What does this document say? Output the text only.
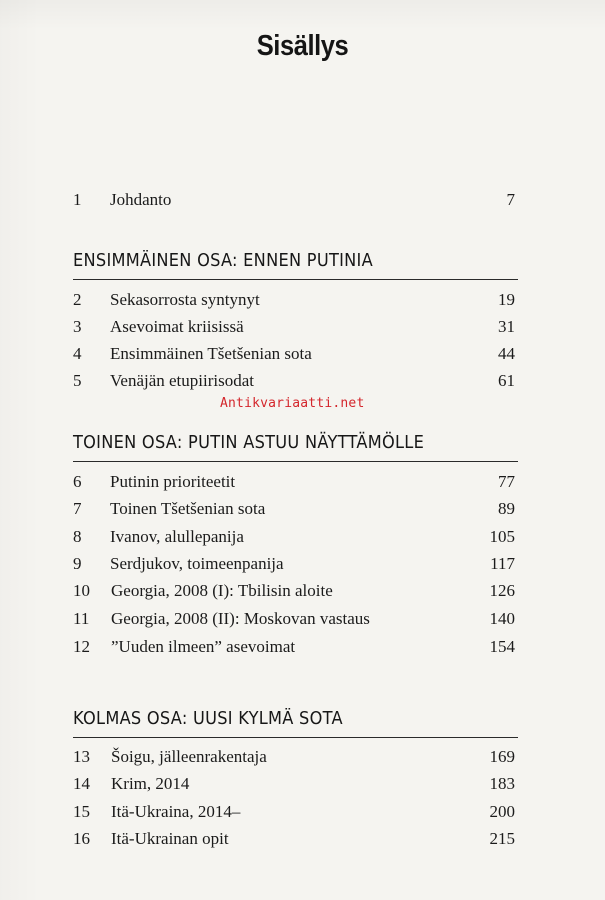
Sisällys
1	Johdanto	7
ENSIMMÄINEN OSA: ENNEN PUTINIA
2	Sekasorrosta syntynyt	19
3	Asevoimat kriisissä	31
4	Ensimmäinen Tšetšenian sota	44
5	Venäjän etupiirisodat	61
Antikvariaatti.net
TOINEN OSA: PUTIN ASTUU NÄYTTÄMÖLLE
6	Putinin prioriteetit	77
7	Toinen Tšetšenian sota	89
8	Ivanov, alullepanija	105
9	Serdjukov, toimeenpanija	117
10	Georgia, 2008 (I): Tbilisin aloite	126
11	Georgia, 2008 (II): Moskovan vastaus	140
12	”Uuden ilmeen” asevoimat	154
KOLMAS OSA: UUSI KYLMÄ SOTA
13	Šoigu, jälleenrakentaja	169
14	Krim, 2014	183
15	Itä-Ukraina, 2014–	200
16	Itä-Ukrainan opit	215
